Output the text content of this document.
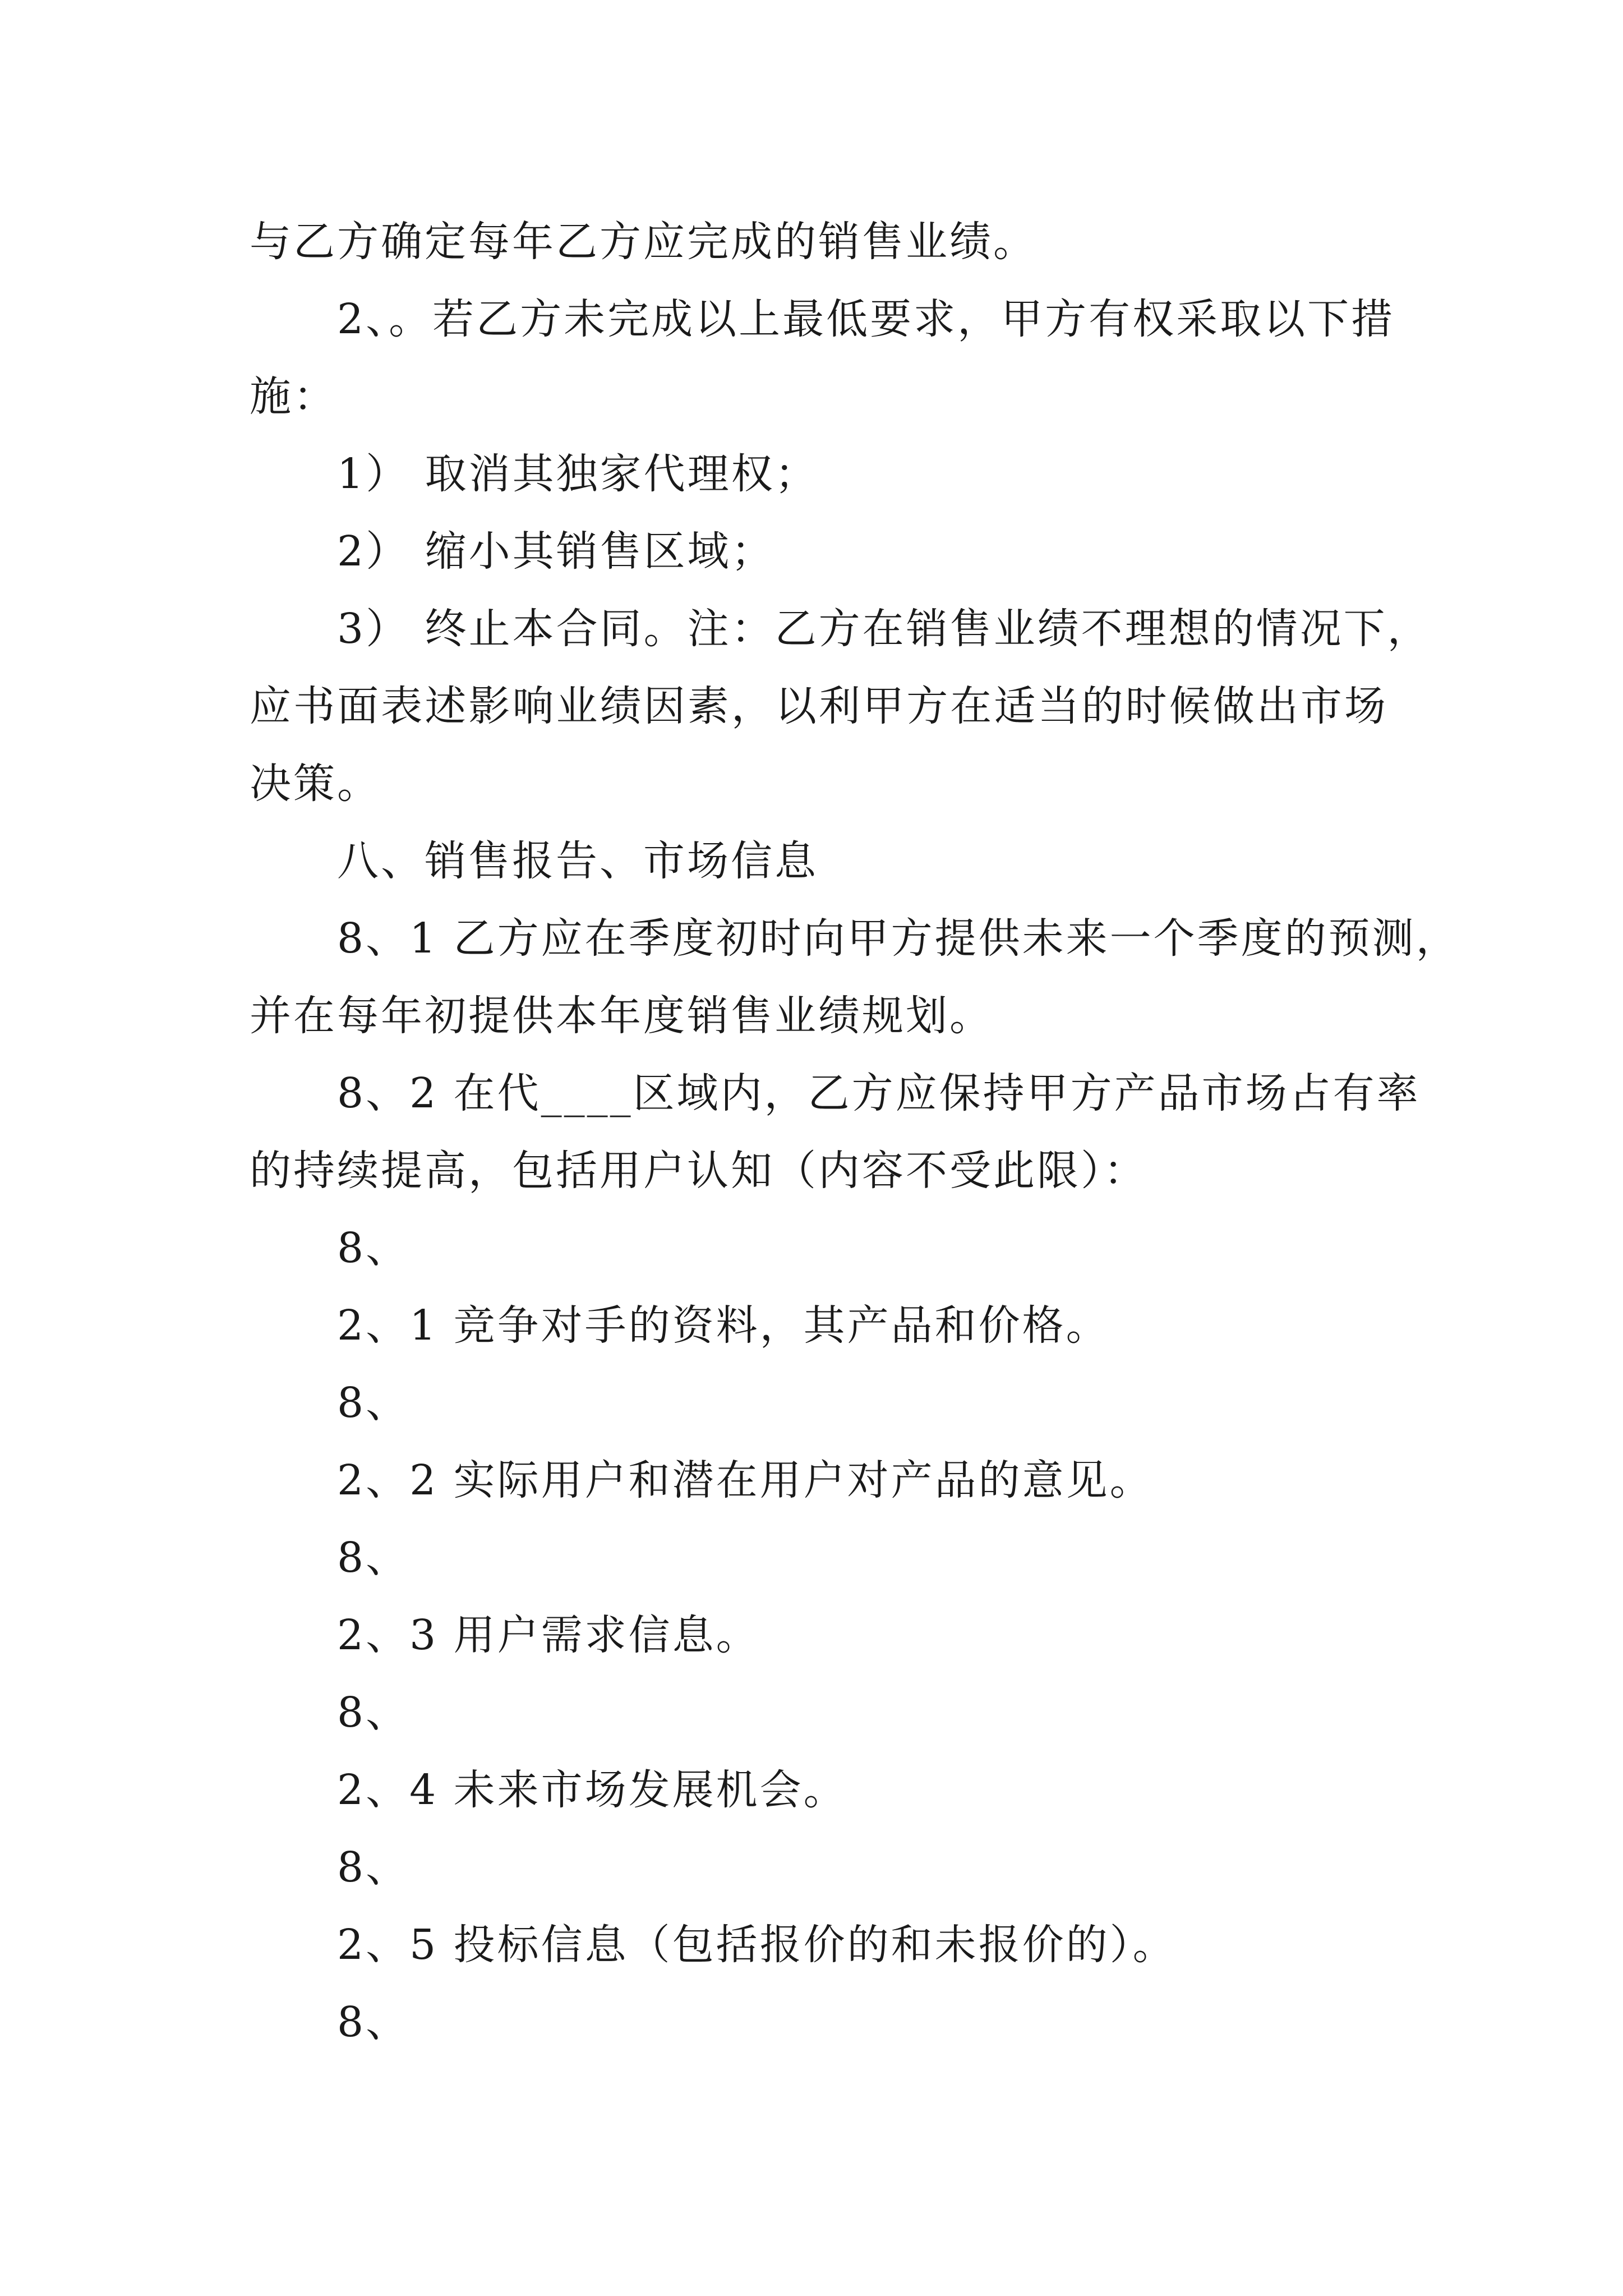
与乙方确定每年乙方应完成的销售业绩。
2、。若乙方未完成以上最低要求，甲方有权采取以下措
施：
1） 取消其独家代理权；
2） 缩小其销售区域；
3） 终止本合同。注：乙方在销售业绩不理想的情况下，
应书面表述影响业绩因素，以利甲方在适当的时候做出市场
决策。
八、销售报告、市场信息
8、1 乙方应在季度初时向甲方提供未来一个季度的预测，
并在每年初提供本年度销售业绩规划。
8、2 在代____区域内，乙方应保持甲方产品市场占有率
的持续提高，包括用户认知（内容不受此限）：
8、
2、1 竞争对手的资料，其产品和价格。
8、
2、2 实际用户和潜在用户对产品的意见。
8、
2、3 用户需求信息。
8、
2、4 未来市场发展机会。
8、
2、5 投标信息（包括报价的和未报价的）。
8、
